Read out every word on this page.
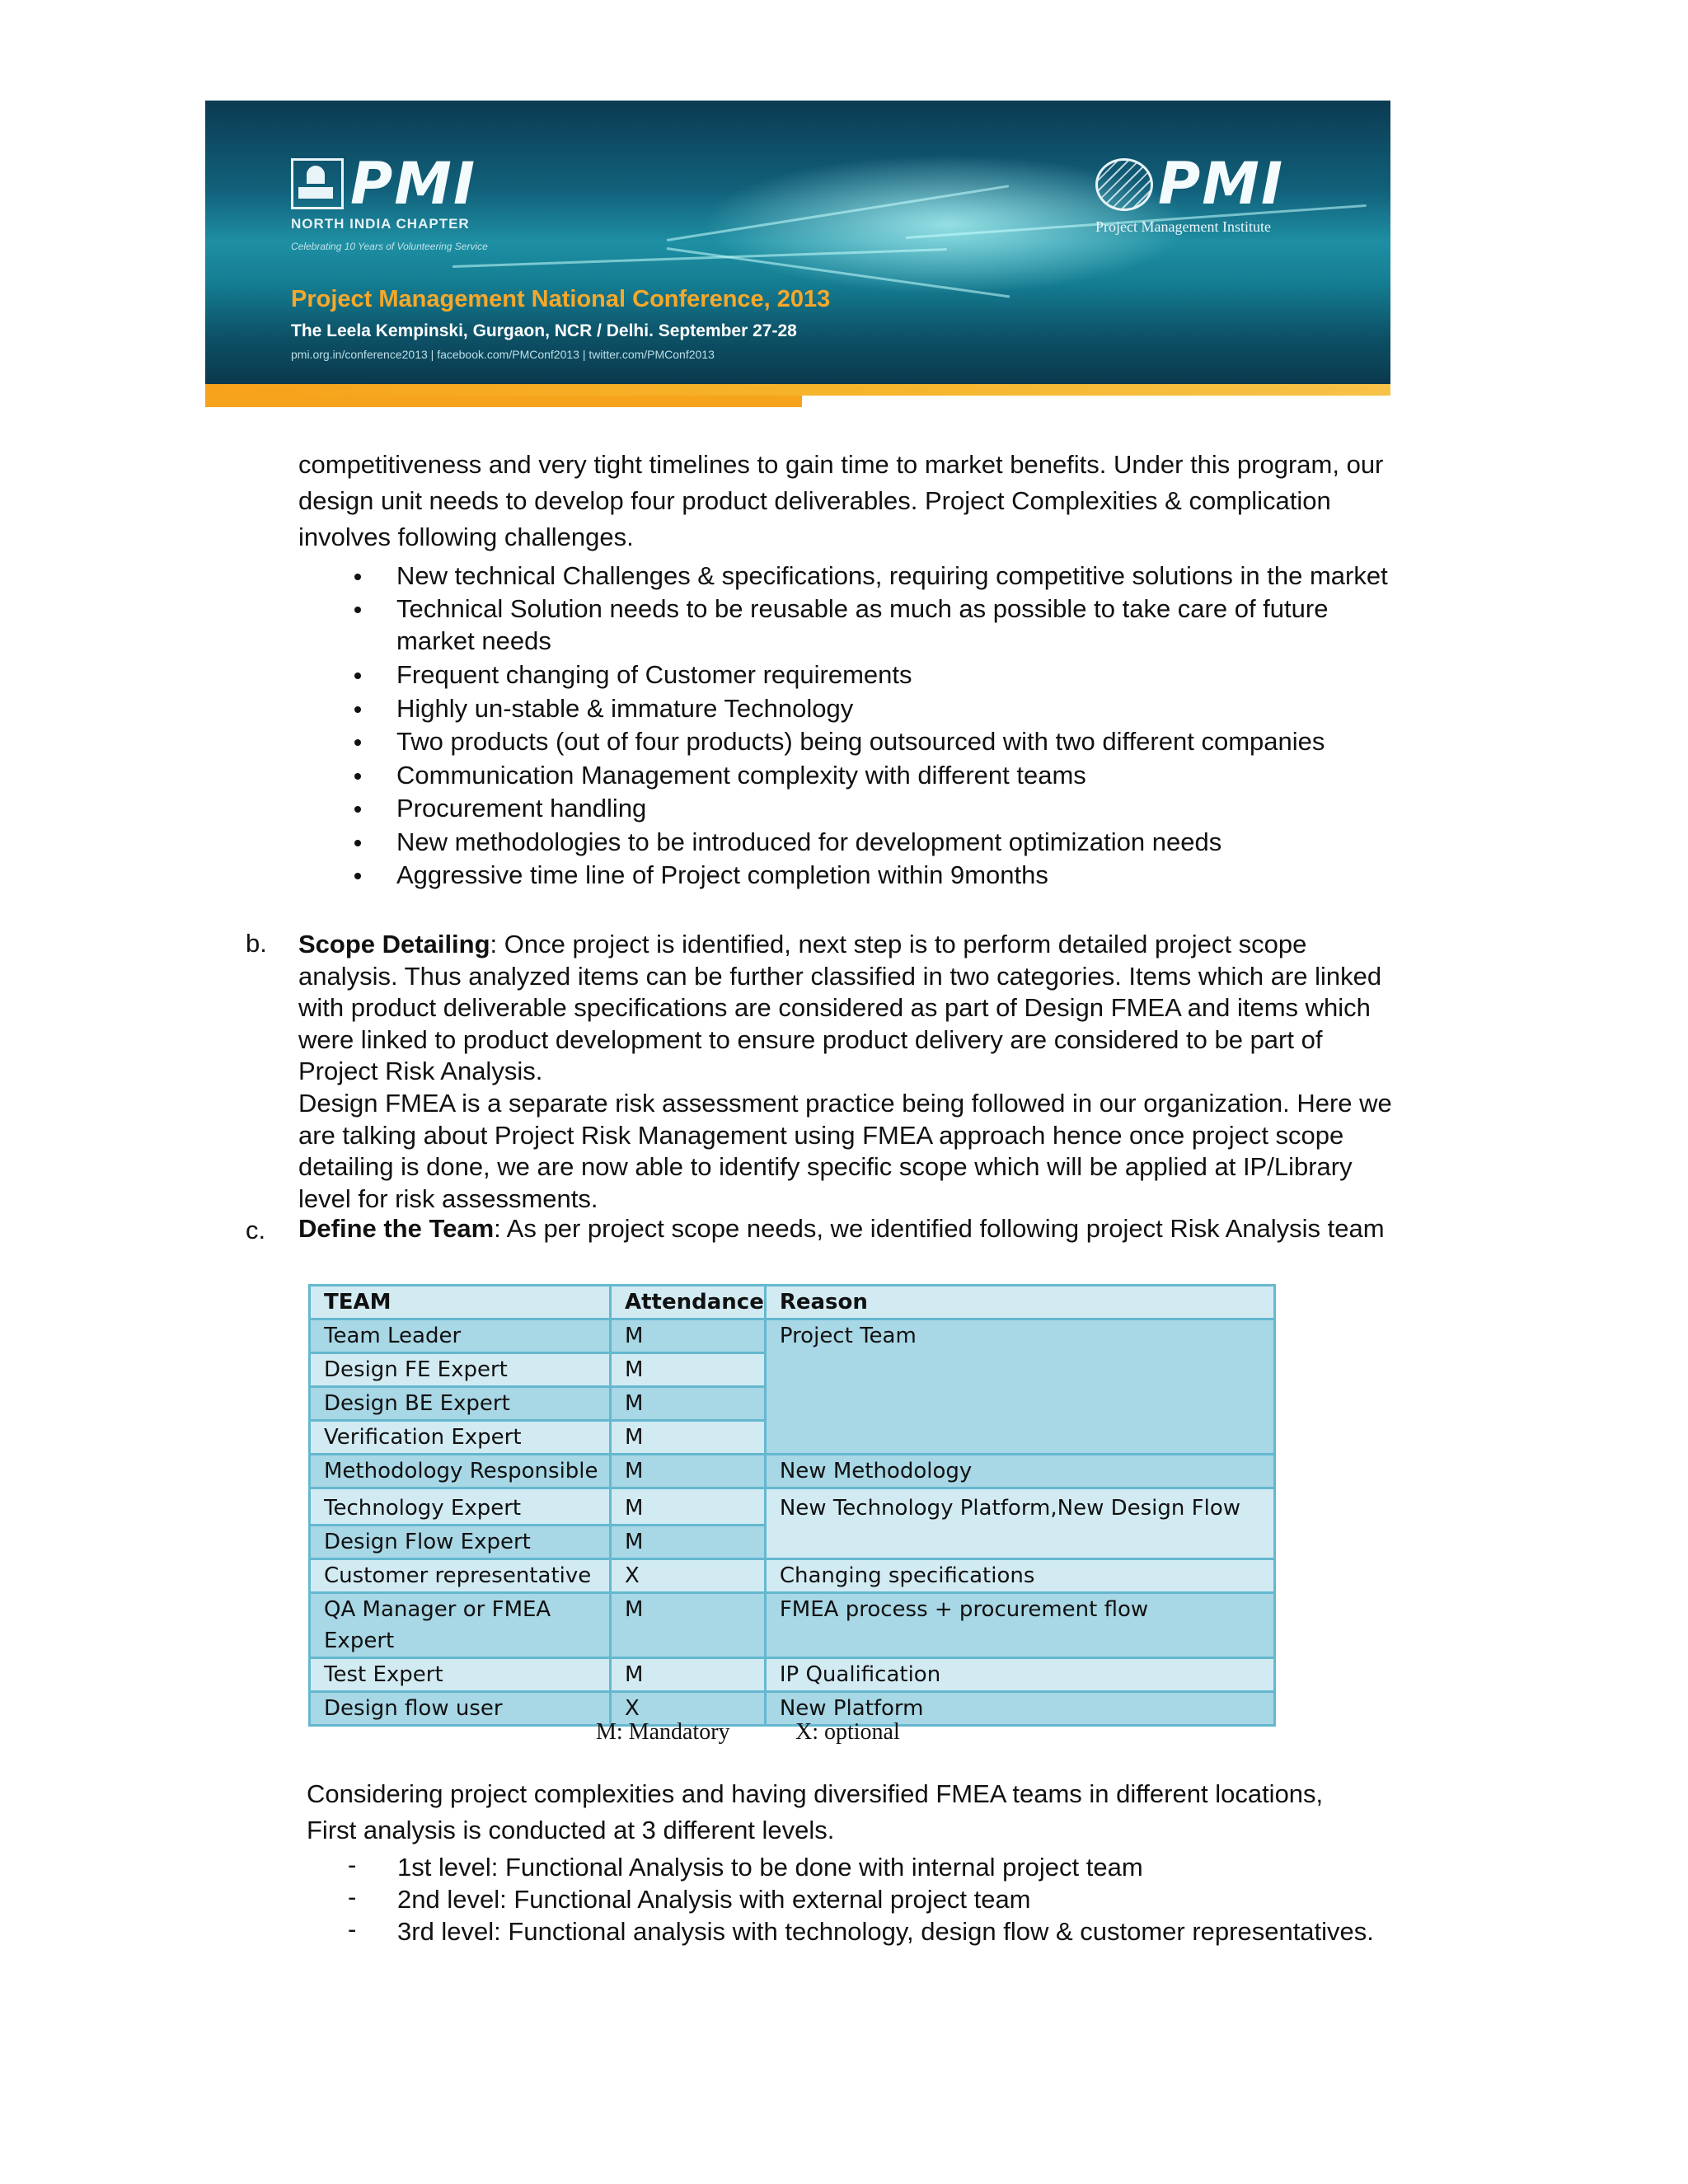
PMI
NORTH INDIA CHAPTER
Celebrating 10 Years of Volunteering Service
Project Management National Conference, 2013
The Leela Kempinski, Gurgaon, NCR / Delhi. September 27-28
pmi.org.in/conference2013 | facebook.com/PMConf2013 | twitter.com/PMConf2013
PMI
Project Management Institute
competitiveness and very tight timelines to gain time to market benefits. Under this program, our
design unit needs to develop four product deliverables. Project Complexities & complication
involves following challenges.
New technical Challenges & specifications, requiring competitive solutions in the market
Technical Solution needs to be reusable as much as possible to take care of future
market needs
Frequent changing of Customer requirements
Highly un-stable & immature Technology
Two products (out of four products) being outsourced with two different companies
Communication Management complexity with different teams
Procurement handling
New methodologies to be introduced for development optimization needs
Aggressive time line of Project completion within 9months
b. Scope Detailing: Once project is identified, next step is to perform detailed project scope
analysis. Thus analyzed items can be further classified in two categories. Items which are linked
with product deliverable specifications are considered as part of Design FMEA and items which
were linked to product development to ensure product delivery are considered to be part of
Project Risk Analysis.
Design FMEA is a separate risk assessment practice being followed in our organization. Here we
are talking about Project Risk Management using FMEA approach hence once project scope
detailing is done, we are now able to identify specific scope which will be applied at IP/Library
level for risk assessments.
c. Define the Team: As per project scope needs, we identified following project Risk Analysis team
TEAM	Attendance	Reason
Team Leader	M	Project Team
Design FE Expert	M	
Design BE Expert	M	
Verification Expert	M	
Methodology Responsible	M	New Methodology
Technology Expert	M	New Technology Platform,New Design Flow
Design Flow Expert	M	
Customer representative	X	Changing specifications

QA Manager or FMEA
Expert	M	FMEA process + procurement flow
Test Expert	M	IP Qualification
Design flow user	X	New Platform
M: Mandatory	X: optional
Considering project complexities and having diversified FMEA teams in different locations,
First analysis is conducted at 3 different levels.
- 1st level: Functional Analysis to be done with internal project team
- 2nd level: Functional Analysis with external project team
- 3rd level: Functional analysis with technology, design flow & customer representatives.
